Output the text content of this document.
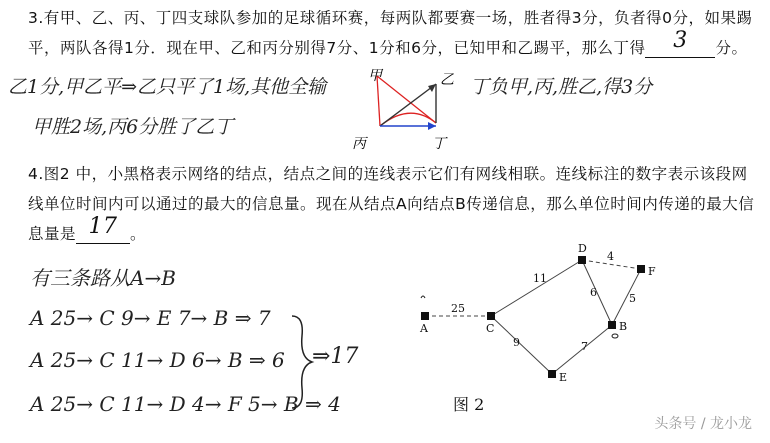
3.有甲、乙、丙、丁四支球队参加的足球循环赛，每两队都要赛一场，胜者得3分，负者得0分，如果踢
平，两队各得1分．现在甲、乙和丙分别得7分、1分和6分，已知甲和乙踢平，那么丁得	3	分。
乙1分,甲乙平⇒乙只平了1场,其他全输
甲胜2场,丙6分胜了乙丁
丁负甲,丙,胜乙,得3分
甲	乙
丙	丁
4.图2 中，小黑格表示网络的结点，结点之间的连线表示它们有网线相联。连线标注的数字表示该段网
线单位时间内可以通过的最大的信息量。现在从结点A向结点B传递信息，那么单位时间内传递的最大信
息量是 17 。
有三条路从A→B
A 25→ C 9→ E 7→ B ⇒ 7
A 25→ C 11→ D 6→ B ⇒ 6
A 25→ C 11→ D 4→ F 5→ B ⇒ 4
⇒17
A	C
D
F
B
E
25
11
4
6	5
9	7
图 2
头条号 / 龙小龙
